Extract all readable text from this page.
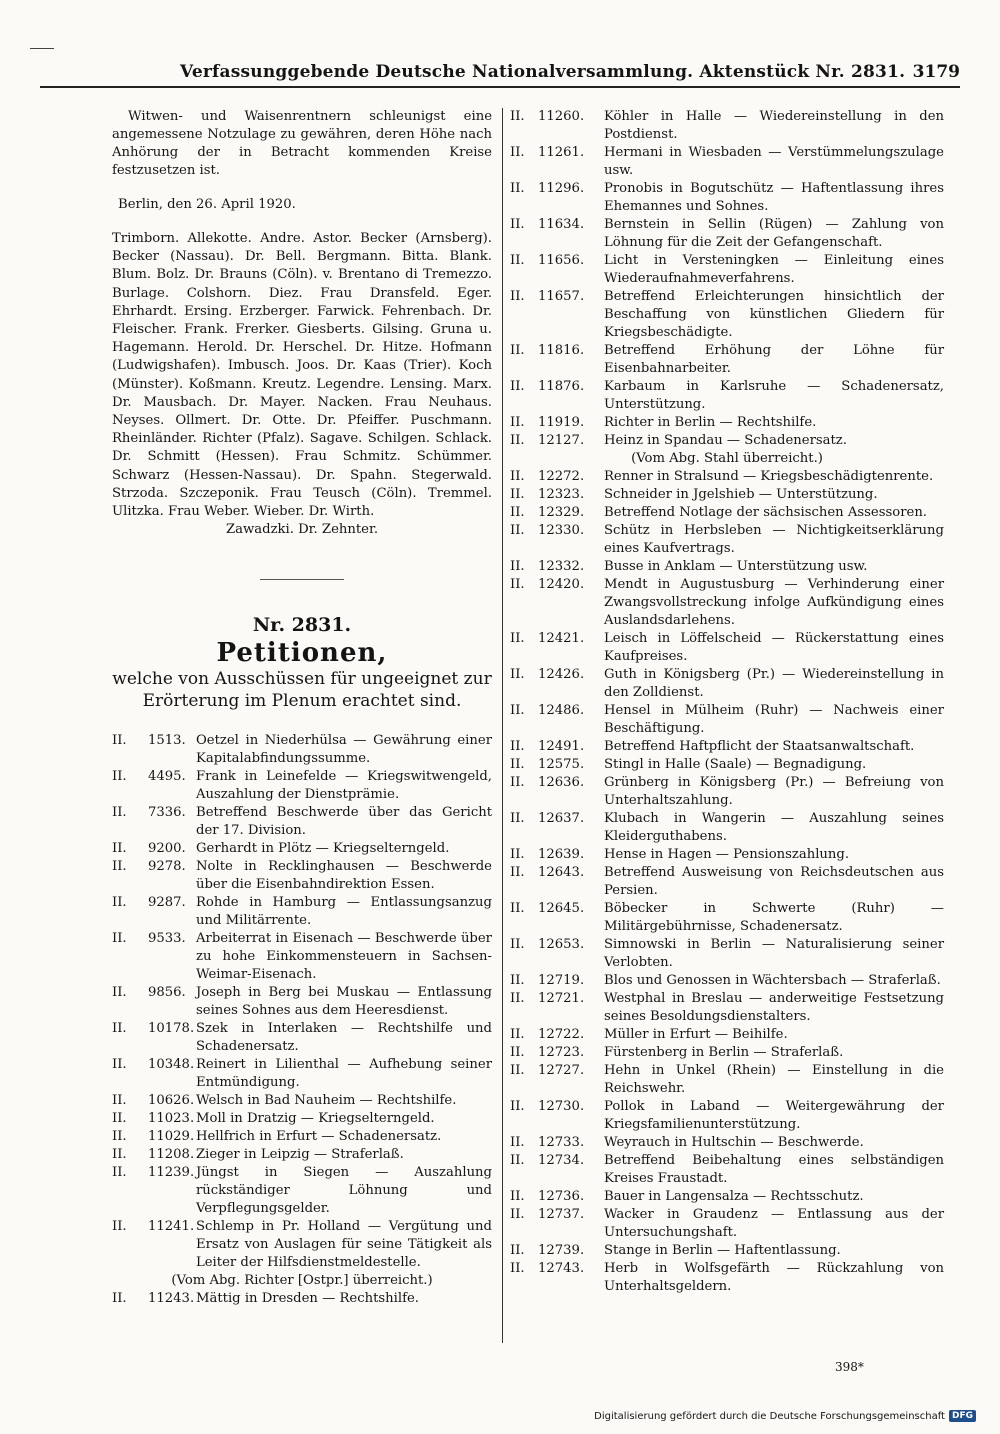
Verfassunggebende Deutsche Nationalversammlung. Aktenstück Nr. 2831. 3179

Witwen- und Waisenrentnern schleunigst eine angemessene Notzulage zu gewähren, deren Höhe nach Anhörung der in Betracht kommenden Kreise festzusetzen ist.

Berlin, den 26. April 1920.

Trimborn. Allekotte. Andre. Astor. Becker (Arnsberg). Becker (Nassau). Dr. Bell. Bergmann. Bitta. Blank. Blum. Bolz. Dr. Brauns (Cöln). v. Brentano di Tremezzo. Burlage. Colshorn. Diez. Frau Dransfeld. Eger. Ehrhardt. Ersing. Erzberger. Farwick. Fehrenbach. Dr. Fleischer. Frank. Frerker. Giesberts. Gilsing. Gruna u. Hagemann. Herold. Dr. Herschel. Dr. Hitze. Hofmann (Ludwigshafen). Imbusch. Joos. Dr. Kaas (Trier). Koch (Münster). Koßmann. Kreutz. Legendre. Lensing. Marx. Dr. Mausbach. Dr. Mayer. Nacken. Frau Neuhaus. Neyses. Ollmert. Dr. Otte. Dr. Pfeiffer. Puschmann. Rheinländer. Richter (Pfalz). Sagave. Schilgen. Schlack. Dr. Schmitt (Hessen). Frau Schmitz. Schümmer. Schwarz (Hessen-Nassau). Dr. Spahn. Stegerwald. Strzoda. Szczeponik. Frau Teusch (Cöln). Tremmel. Ulitzka. Frau Weber. Wieber. Dr. Wirth.

Zawadzki. Dr. Zehnter.

Nr. 2831.

Petitionen,

welche von Ausschüssen für ungeeignet zur Erörterung im Plenum erachtet sind.

II.	1513. Oetzel in Niederhülsa — Gewährung einer Kapitalabfindungssumme.
II.	4495. Frank in Leinefelde — Kriegswitwengeld, Auszahlung der Dienstprämie.
II.	7336. Betreffend Beschwerde über das Gericht der 17. Division.
II.	9200. Gerhardt in Plötz — Kriegselterngeld.
II.	9278. Nolte in Recklinghausen — Beschwerde über die Eisenbahndirektion Essen.
II.	9287. Rohde in Hamburg — Entlassungsanzug und Militärrente.
II.	9533. Arbeiterrat in Eisenach — Beschwerde über zu hohe Einkommensteuern in Sachsen-Weimar-Eisenach.
II.	9856. Joseph in Berg bei Muskau — Entlassung seines Sohnes aus dem Heeresdienst.
II.	10178. Szek in Interlaken — Rechtshilfe und Schadenersatz.
II.	10348. Reinert in Lilienthal — Aufhebung seiner Entmündigung.
II.	10626. Welsch in Bad Nauheim — Rechtshilfe.
II.	11023. Moll in Dratzig — Kriegselterngeld.
II.	11029. Hellfrich in Erfurt — Schadenersatz.
II.	11208. Zieger in Leipzig — Straferlaß.
II.	11239. Jüngst in Siegen — Auszahlung rückständiger Löhnung und Verpflegungsgelder.
II.	11241. Schlemp in Pr. Holland — Vergütung und Ersatz von Auslagen für seine Tätigkeit als Leiter der Hilfsdienstmeldestelle.

(Vom Abg. Richter [Ostpr.] überreicht.)

II.	11243. Mättig in Dresden — Rechtshilfe.
II.	11260.	Köhler in Halle — Wiedereinstellung in den Postdienst.
II.	11261.	Hermani in Wiesbaden — Verstümmelungszulage usw.
II.	11296.	Pronobis in Bogutschütz — Haftentlassung ihres Ehemannes und Sohnes.
II.	11634.	Bernstein in Sellin (Rügen) — Zahlung von Löhnung für die Zeit der Gefangenschaft.
II.	11656.	Licht in Versteningken — Einleitung eines Wiederaufnahmeverfahrens.
II.	11657.	Betreffend Erleichterungen hinsichtlich der Beschaffung von künstlichen Gliedern für Kriegsbeschädigte.
II.	11816.	Betreffend Erhöhung der Löhne für Eisenbahnarbeiter.
II.	11876.	Karbaum in Karlsruhe — Schadenersatz, Unterstützung.
II.	11919.	Richter in Berlin — Rechtshilfe.
II.	12127.	Heinz in Spandau — Schadenersatz.

(Vom Abg. Stahl überreicht.)

II.	12272.	Renner in Stralsund — Kriegsbeschädigtenrente.
II.	12323.	Schneider in Jgelshieb — Unterstützung.
II.	12329.	Betreffend Notlage der sächsischen Assessoren.
II.	12330.	Schütz in Herbsleben — Nichtigkeitserklärung eines Kaufvertrags.
II.	12332.	Busse in Anklam — Unterstützung usw.
II.	12420.	Mendt in Augustusburg — Verhinderung einer Zwangsvollstreckung infolge Aufkündigung eines Auslandsdarlehens.
II.	12421.	Leisch in Löffelscheid — Rückerstattung eines Kaufpreises.
II.	12426.	Guth in Königsberg (Pr.) — Wiedereinstellung in den Zolldienst.
II.	12486.	Hensel in Mülheim (Ruhr) — Nachweis einer Beschäftigung.
II.	12491.	Betreffend Haftpflicht der Staatsanwaltschaft.
II.	12575.	Stingl in Halle (Saale) — Begnadigung.
II.	12636.	Grünberg in Königsberg (Pr.) — Befreiung von Unterhaltszahlung.
II.	12637.	Klubach in Wangerin — Auszahlung seines Kleiderguthabens.
II.	12639.	Hense in Hagen — Pensionszahlung.
II.	12643.	Betreffend Ausweisung von Reichsdeutschen aus Persien.
II.	12645.	Böbecker in Schwerte (Ruhr) — Militärgebührnisse, Schadenersatz.
II.	12653.	Simnowski in Berlin — Naturalisierung seiner Verlobten.
II.	12719.	Blos und Genossen in Wächtersbach — Straferlaß.
II.	12721.	Westphal in Breslau — anderweitige Festsetzung seines Besoldungsdienstalters.
II.	12722.	Müller in Erfurt — Beihilfe.
II.	12723.	Fürstenberg in Berlin — Straferlaß.
II.	12727.	Hehn in Unkel (Rhein) — Einstellung in die Reichswehr.
II.	12730.	Pollok in Laband — Weitergewährung der Kriegsfamilienunterstützung.
II.	12733.	Weyrauch in Hultschin — Beschwerde.
II.	12734.	Betreffend Beibehaltung eines selbständigen Kreises Fraustadt.
II.	12736.	Bauer in Langensalza — Rechtsschutz.
II.	12737.	Wacker in Graudenz — Entlassung aus der Untersuchungshaft.
II.	12739.	Stange in Berlin — Haftentlassung.
II.	12743.	Herb in Wolfsgefärth — Rückzahlung von Unterhaltsgeldern.
398*
Digitalisierung gefördert durch die Deutsche Forschungsgemeinschaft DFG
